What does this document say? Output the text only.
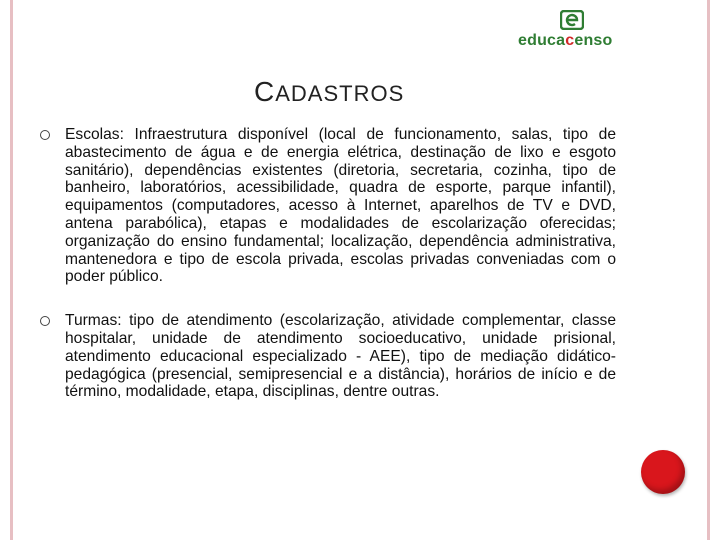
educacenso
CADASTROS
Escolas: Infraestrutura disponível (local de funcionamento, salas, tipo de abastecimento de água e de energia elétrica, destinação de lixo e esgoto sanitário), dependências existentes (diretoria, secretaria, cozinha, tipo de banheiro, laboratórios, acessibilidade, quadra de esporte, parque infantil), equipamentos (computadores, acesso à Internet, aparelhos de TV e DVD, antena parabólica), etapas e modalidades de escolarização oferecidas; organização do ensino fundamental; localização, dependência administrativa, mantenedora e tipo de escola privada, escolas privadas conveniadas com o poder público.
Turmas: tipo de atendimento (escolarização, atividade complementar, classe hospitalar, unidade de atendimento socioeducativo, unidade prisional, atendimento educacional especializado - AEE), tipo de mediação didático-pedagógica (presencial, semipresencial e a distância), horários de início e de término, modalidade, etapa, disciplinas, dentre outras.
